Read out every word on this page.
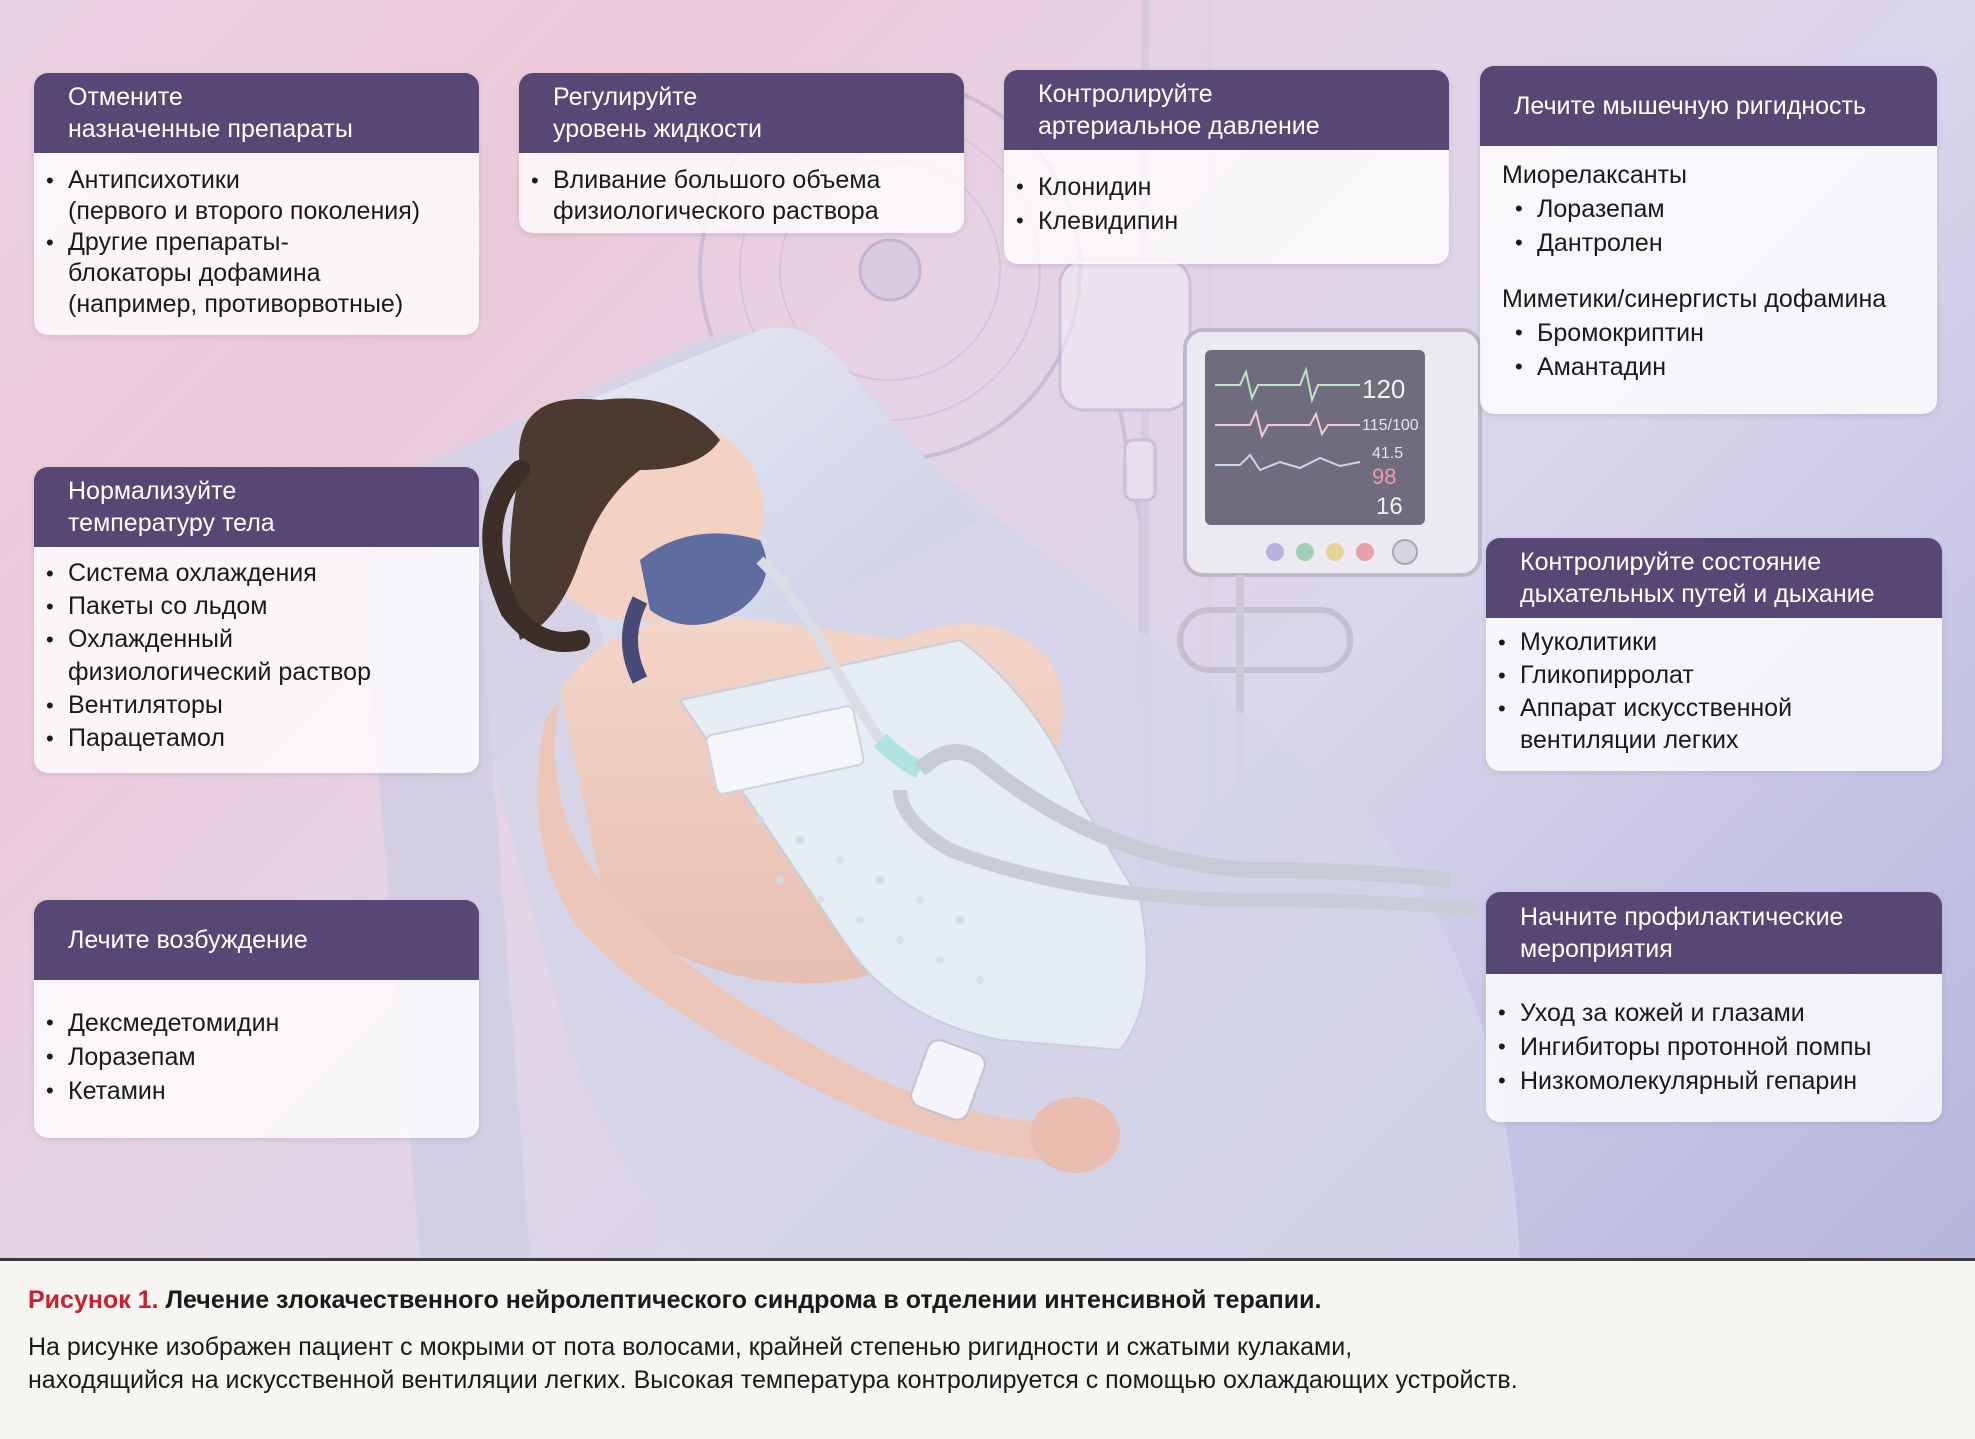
120
115/100
41.5
98
16
Отмените
назначенные препараты
• Антипсихотики
(первого и второго поколения)
• Другие препараты-
блокаторы дофамина
(например, противорвотные)
Регулируйте
уровень жидкости
• Вливание большого объема
физиологического раствора
Контролируйте
артериальное давление
• Клонидин
• Клевидипин
Лечите мышечную ригидность
Миорелаксанты
• Лоразепам
• Дантролен
Миметики/синергисты дофамина
• Бромокриптин
• Амантадин
Нормализуйте
температуру тела
• Система охлаждения
• Пакеты со льдом
• Охлажденный
физиологический раствор
• Вентиляторы
• Парацетамол
Контролируйте состояние
дыхательных путей и дыхание
• Муколитики
• Гликопирролат
• Аппарат искусственной
вентиляции легких
Лечите возбуждение
• Дексмедетомидин
• Лоразепам
• Кетамин
Начните профилактические
мероприятия
• Уход за кожей и глазами
• Ингибиторы протонной помпы
• Низкомолекулярный гепарин
Рисунок 1. Лечение злокачественного нейролептического синдрома в отделении интенсивной терапии.
На рисунке изображен пациент с мокрыми от пота волосами, крайней степенью ригидности и сжатыми кулаками,
находящийся на искусственной вентиляции легких. Высокая температура контролируется с помощью охлаждающих устройств.
